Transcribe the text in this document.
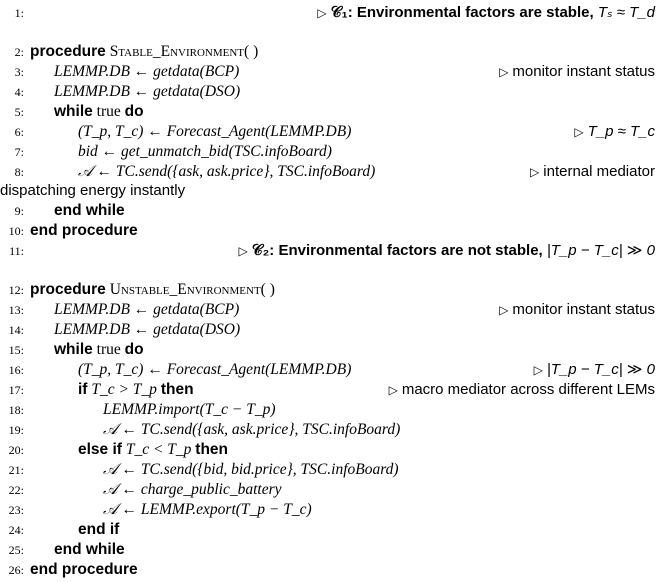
1:	▷ 𝒞₁: Environmental factors are stable, Tₛ ≈ T_d
2: procedure Stable_Environment( )
3: LEMMP.DB ← getdata(BCP)	▷ monitor instant status
4: LEMMP.DB ← getdata(DSO)
5: while true do
6:	(T_p, T_c) ← Forecast_Agent(LEMMP.DB)	▷ T_p ≈ T_c
7:	bid ← get_unmatch_bid(TSC.infoBoard)
8:	𝒜 ← TC.send({ask, ask.price}, TSC.infoBoard)	▷ internal mediator
dispatching energy instantly
9: end while
10: end procedure
11:	▷ 𝒞₂: Environmental factors are not stable, |T_p − T_c| ≫ 0
12: procedure Unstable_Environment( )
13: LEMMP.DB ← getdata(BCP)	▷ monitor instant status
14: LEMMP.DB ← getdata(DSO)
15: while true do
16:	(T_p, T_c) ← Forecast_Agent(LEMMP.DB)	▷ |T_p − T_c| ≫ 0
17:	if T_c > T_p then	▷ macro mediator across different LEMs
18:	LEMMP.import(T_c − T_p)
19:	𝒜 ← TC.send({ask, ask.price}, TSC.infoBoard)
20:	else if T_c < T_p then
21:	𝒜 ← TC.send({bid, bid.price}, TSC.infoBoard)
22:	𝒜 ← charge_public_battery
23:	𝒜 ← LEMMP.export(T_p − T_c)
24:	end if
25: end while
26: end procedure
